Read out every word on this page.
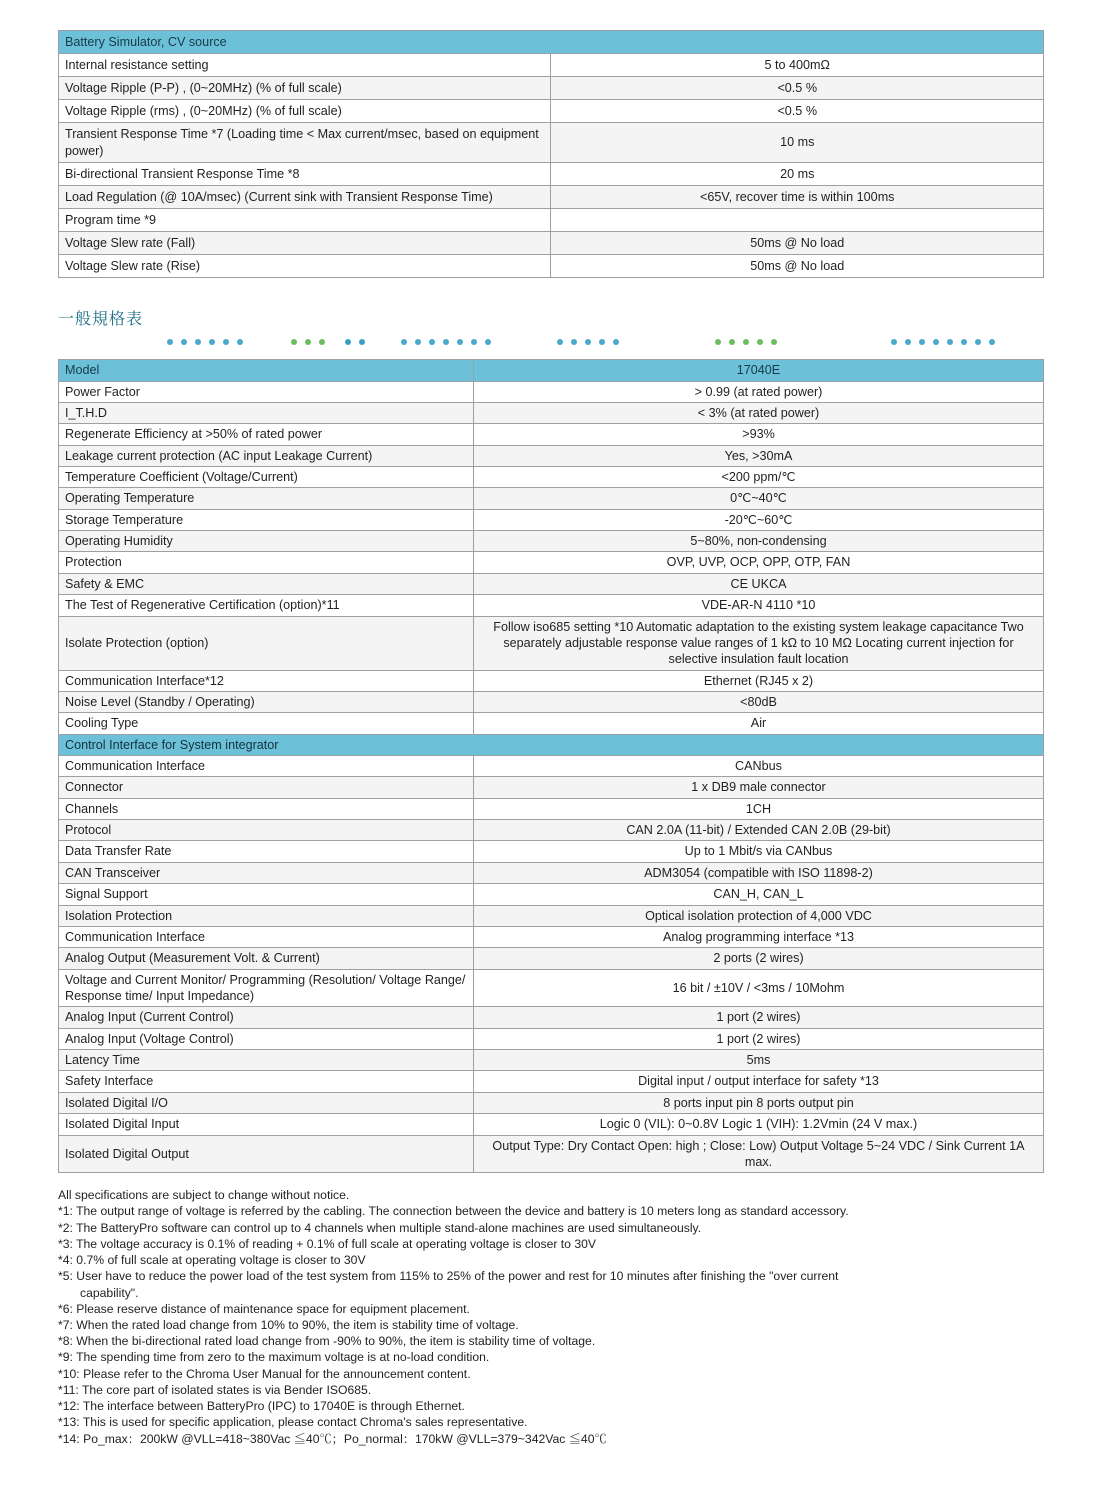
Battery Simulator, CV source	
Internal resistance setting	5 to 400mΩ
Voltage Ripple (P-P) , (0~20MHz) (% of full scale)	<0.5 %
Voltage Ripple (rms) , (0~20MHz) (% of full scale)	<0.5 %
Transient Response Time *7 (Loading time < Max current/msec, based on equipment power)	10 ms
Bi-directional Transient Response Time *8	20 ms
Load Regulation (@ 10A/msec) (Current sink with Transient Response Time)	<65V, recover time is within 100ms
Program time *9	
Voltage Slew rate (Fall)	50ms @ No load
Voltage Slew rate (Rise)	50ms @ No load
一般規格表
Model	17040E
Power Factor	> 0.99 (at rated power)
I_T.H.D	< 3% (at rated power)
Regenerate Efficiency at >50% of rated power	>93%
Leakage current protection (AC input Leakage Current)	Yes, >30mA
Temperature Coefficient (Voltage/Current)	<200 ppm/℃
Operating Temperature	0℃~40℃
Storage Temperature	-20℃~60℃
Operating Humidity	5~80%, non-condensing
Protection	OVP, UVP, OCP, OPP, OTP, FAN
Safety & EMC	CE UKCA
The Test of Regenerative Certification (option)*11	VDE-AR-N 4110 *10
Isolate Protection (option)	Follow iso685 setting *10 Automatic adaptation to the existing system leakage capacitance Two separately adjustable response value ranges of 1 kΩ to 10 MΩ Locating current injection for selective insulation fault location
Communication Interface*12	Ethernet (RJ45 x 2)
Noise Level (Standby / Operating)	<80dB
Cooling Type	Air
Control Interface for System integrator	
Communication Interface	CANbus
Connector	1 x DB9 male connector
Channels	1CH
Protocol	CAN 2.0A (11-bit) / Extended CAN 2.0B (29-bit)
Data Transfer Rate	Up to 1 Mbit/s via CANbus
CAN Transceiver	ADM3054 (compatible with ISO 11898-2)
Signal Support	CAN_H, CAN_L
Isolation Protection	Optical isolation protection of 4,000 VDC
Communication Interface	Analog programming interface *13
Analog Output (Measurement Volt. & Current)	2 ports (2 wires)
Voltage and Current Monitor/ Programming (Resolution/ Voltage Range/ Response time/ Input Impedance)	16 bit / ±10V / <3ms / 10Mohm
Analog Input (Current Control)	1 port (2 wires)
Analog Input (Voltage Control)	1 port (2 wires)
Latency Time	5ms
Safety Interface	Digital input / output interface for safety *13
Isolated Digital I/O	8 ports input pin 8 ports output pin
Isolated Digital Input	Logic 0 (VIL): 0~0.8V Logic 1 (VIH): 1.2Vmin (24 V max.)
Isolated Digital Output	Output Type: Dry Contact Open: high ; Close: Low) Output Voltage 5~24 VDC / Sink Current 1A max.
All specifications are subject to change without notice.
*1: The output range of voltage is referred by the cabling. The connection between the device and battery is 10 meters long as standard accessory.
*2: The BatteryPro software can control up to 4 channels when multiple stand-alone machines are used simultaneously.
*3: The voltage accuracy is 0.1% of reading + 0.1% of full scale at operating voltage is closer to 30V
*4: 0.7% of full scale at operating voltage is closer to 30V
*5: User have to reduce the power load of the test system from 115% to 25% of the power and rest for 10 minutes after finishing the "over current
capability".
*6: Please reserve distance of maintenance space for equipment placement.
*7: When the rated load change from 10% to 90%, the item is stability time of voltage.
*8: When the bi-directional rated load change from -90% to 90%, the item is stability time of voltage.
*9: The spending time from zero to the maximum voltage is at no-load condition.
*10: Please refer to the Chroma User Manual for the announcement content.
*11: The core part of isolated states is via Bender ISO685.
*12: The interface between BatteryPro (IPC) to 17040E is through Ethernet.
*13: This is used for specific application, please contact Chroma's sales representative.
*14: Po_max：200kW @VLL=418~380Vac ≦40℃；Po_normal：170kW @VLL=379~342Vac ≦40℃
